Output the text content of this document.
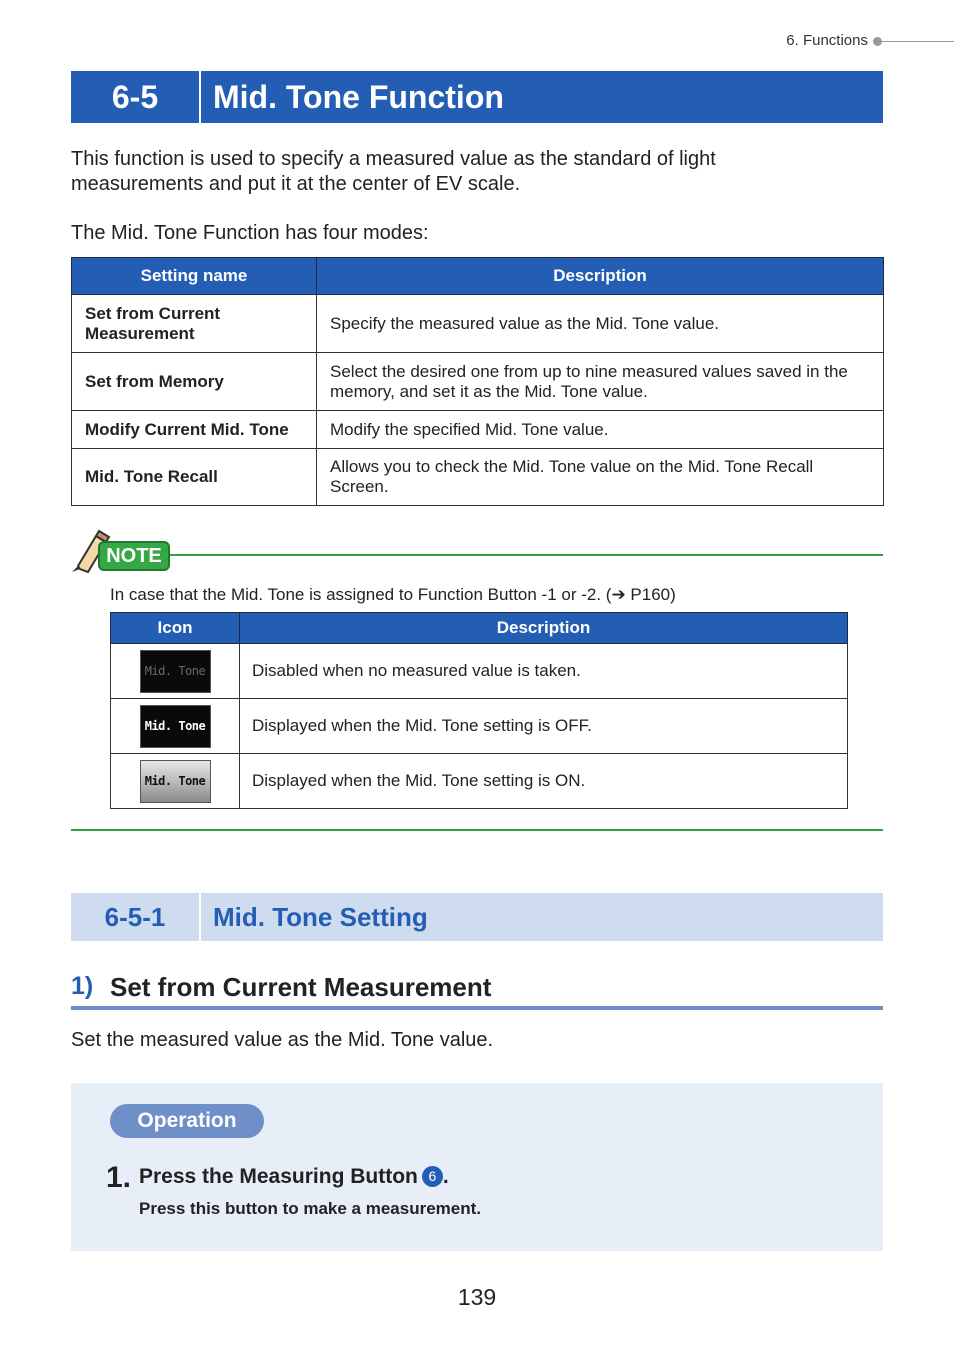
6. Functions
6-5	Mid. Tone Function
This function is used to specify a measured value as the standard of light
measurements and put it at the center of EV scale.
The Mid. Tone Function has four modes:
Setting name	Description
Set from Current Measurement	Specify the measured value as the Mid. Tone value.
Set from Memory	Select the desired one from up to nine measured values saved in the memory, and set it as the Mid. Tone value.
Modify Current Mid. Tone	Modify the specified Mid. Tone value.
Mid. Tone Recall	Allows you to check the Mid. Tone value on the Mid. Tone Recall Screen.
NOTE
In case that the Mid. Tone is assigned to Function Button -1 or -2. (➔ P160)
Icon	Description
Mid. Tone	Disabled when no measured value is taken.
Mid. Tone	Displayed when the Mid. Tone setting is OFF.
Mid. Tone	Displayed when the Mid. Tone setting is ON.
6-5-1	Mid. Tone Setting
1) Set from Current Measurement
Set the measured value as the Mid. Tone value.
Operation
1. Press the Measuring Button 6 .
Press this button to make a measurement.
139
